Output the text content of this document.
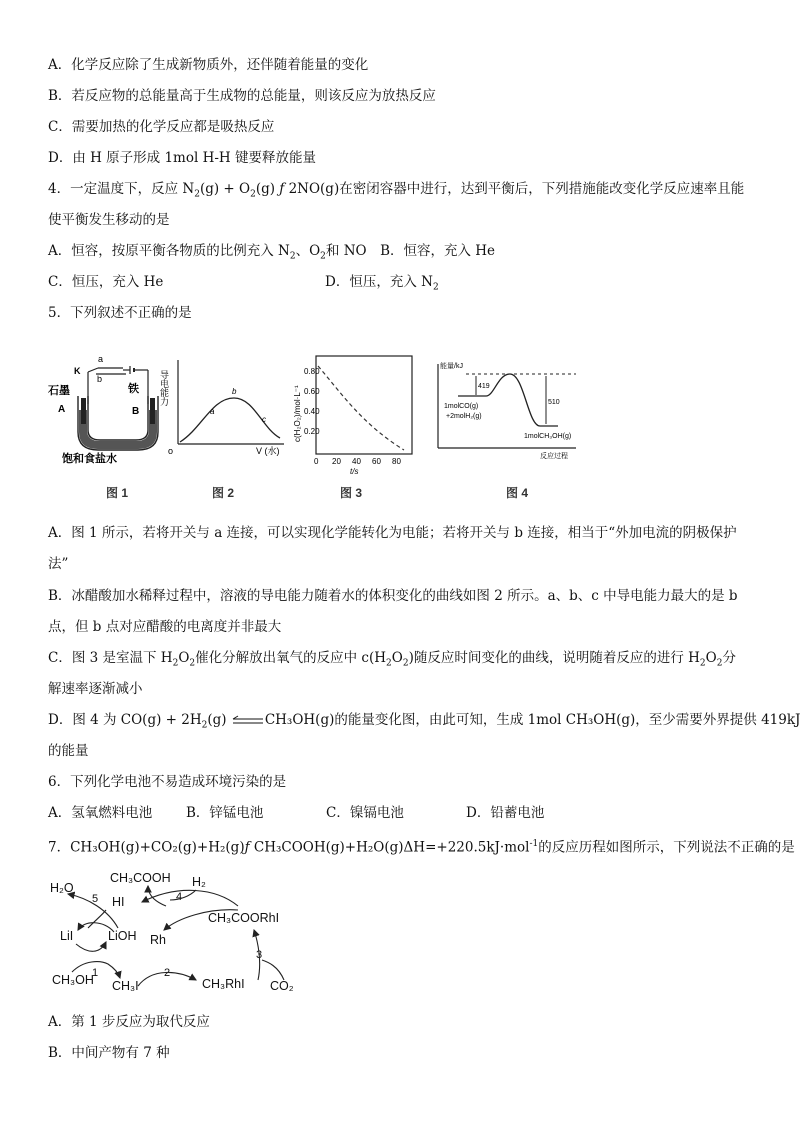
A．化学反应除了生成新物质外，还伴随着能量的变化
B．若反应物的总能量高于生成物的总能量，则该反应为放热反应
C．需要加热的化学反应都是吸热反应
D．由 H 原子形成 1mol H-H 键要释放能量
4．一定温度下，反应 $N_2(g) + O_2(g)$ ƒ 2NO(g)在密闭容器中进行，达到平衡后，下列措施能改变化学反应速率且能
使平衡发生移动的是
A．恒容，按原平衡各物质的比例充入 $N_2$、$O_2$和 NO　B．恒容，充入 He
C．恒压，充入 He	D．恒压，充入 $N_2$
5．下列叙述不正确的是
a
b
K
石墨	铁
A	B
饱和食盐水
图 1
导电能力
o	V (水)
a
b
c
图 2
c(H₂O₂)/mol·L⁻¹
0.80
0.60
0.40
0.20
0 20 40 60 80
t/s
图 3
能量/kJ
419
510
1molCO(g)
+2molH₂(g)
1molCH₃OH(g)
反应过程
图 4
A．图 1 所示，若将开关与 a 连接，可以实现化学能转化为电能；若将开关与 b 连接，相当于“外加电流的阴极保护
法”
B．冰醋酸加水稀释过程中，溶液的导电能力随着水的体积变化的曲线如图 2 所示。a、b、c 中导电能力最大的是 b
点，但 b 点对应醋酸的电离度并非最大
C．图 3 是室温下 $H_2O_2$催化分解放出氧气的反应中 $c(H_2O_2)$随反应时间变化的曲线，说明随着反应的进行 $H_2O_2$分
解速率逐渐减小
D．图 4 为 $CO(g) + 2H_2(g)$	CH₃OH(g)的能量变化图，由此可知，生成 1mol CH₃OH(g)，至少需要外界提供 419kJ
的能量
6．下列化学电池不易造成环境污染的是
A．氢氧燃料电池	B．锌锰电池	C．镍镉电池	D．铅蓄电池
7．CH₃OH(g)+CO₂(g)+H₂(g)ƒ CH₃COOH(g)+H₂O(g)ΔH=+220.5kJ·mol$^{-1}$的反应历程如图所示，下列说法不正确的是
H₂O
CH₃COOH H₂
HI
CH₃COORhI
LiI	LiOH Rh
CH₃OH CH₃I	CH₃RhI CO₂
1	2
3
4
5
A．第 1 步反应为取代反应
B．中间产物有 7 种
